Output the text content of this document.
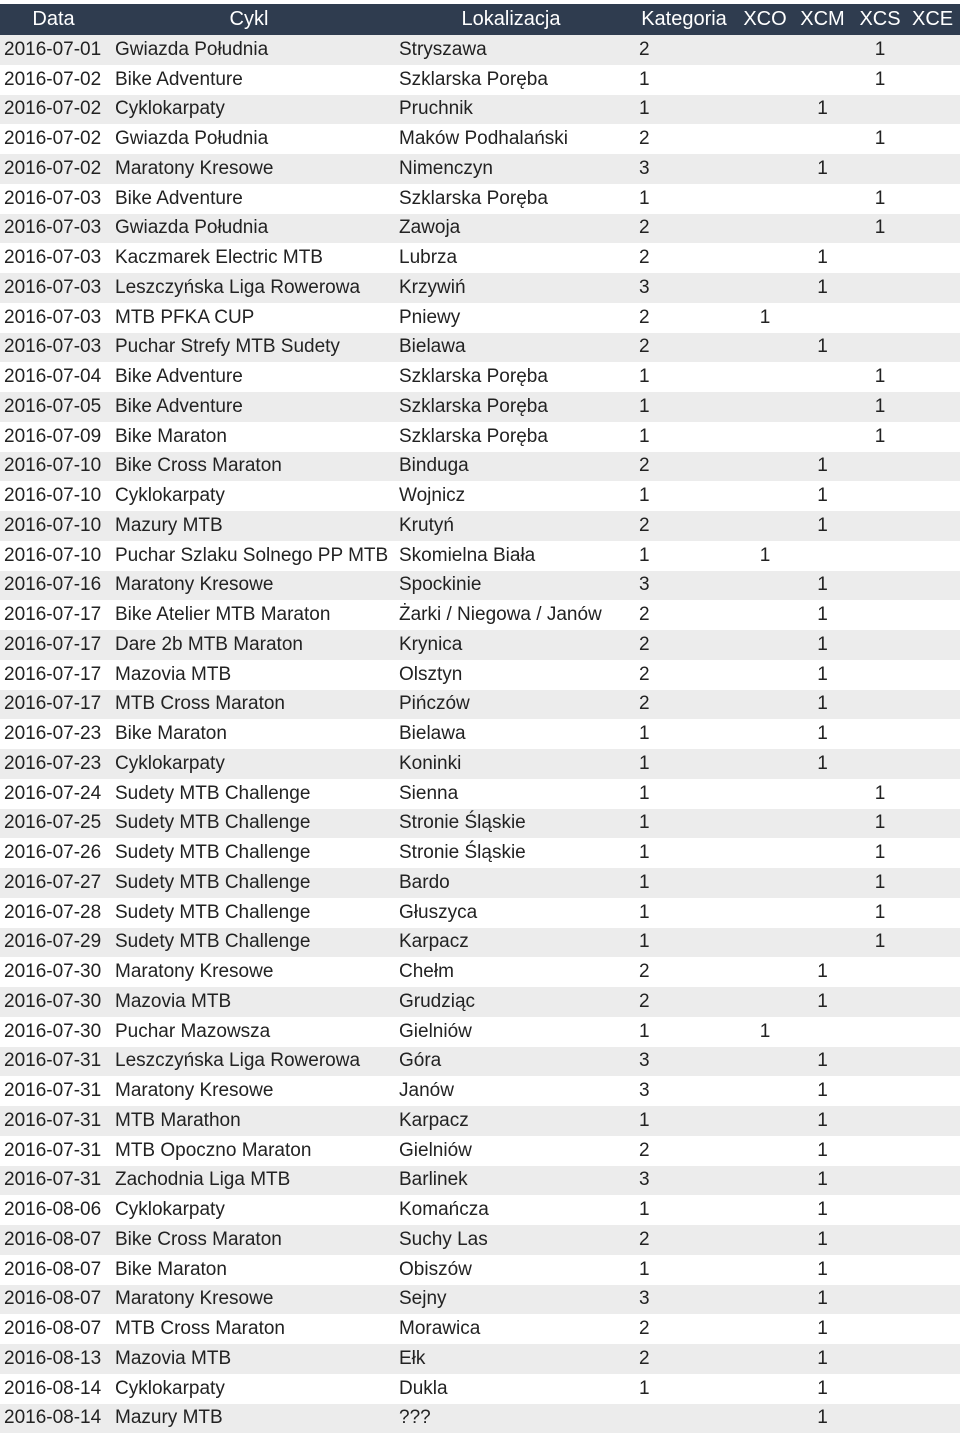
Data	Cykl	Lokalizacja	Kategoria	XCO	XCM	XCS	XCE
2016-07-01	Gwiazda Południa	Stryszawa	2			1	
2016-07-02	Bike Adventure	Szklarska Poręba	1			1	
2016-07-02	Cyklokarpaty	Pruchnik	1		1		
2016-07-02	Gwiazda Południa	Maków Podhalański	2			1	
2016-07-02	Maratony Kresowe	Nimenczyn	3		1		
2016-07-03	Bike Adventure	Szklarska Poręba	1			1	
2016-07-03	Gwiazda Południa	Zawoja	2			1	
2016-07-03	Kaczmarek Electric MTB	Lubrza	2		1		
2016-07-03	Leszczyńska Liga Rowerowa	Krzywiń	3		1		
2016-07-03	MTB PFKA CUP	Pniewy	2	1			
2016-07-03	Puchar Strefy MTB Sudety	Bielawa	2		1		
2016-07-04	Bike Adventure	Szklarska Poręba	1			1	
2016-07-05	Bike Adventure	Szklarska Poręba	1			1	
2016-07-09	Bike Maraton	Szklarska Poręba	1			1	
2016-07-10	Bike Cross Maraton	Binduga	2		1		
2016-07-10	Cyklokarpaty	Wojnicz	1		1		
2016-07-10	Mazury MTB	Krutyń	2		1		
2016-07-10	Puchar Szlaku Solnego PP MTB	Skomielna Biała	1	1			
2016-07-16	Maratony Kresowe	Spockinie	3		1		
2016-07-17	Bike Atelier MTB Maraton	Żarki / Niegowa / Janów	2		1		
2016-07-17	Dare 2b MTB Maraton	Krynica	2		1		
2016-07-17	Mazovia MTB	Olsztyn	2		1		
2016-07-17	MTB Cross Maraton	Pińczów	2		1		
2016-07-23	Bike Maraton	Bielawa	1		1		
2016-07-23	Cyklokarpaty	Koninki	1		1		
2016-07-24	Sudety MTB Challenge	Sienna	1			1	
2016-07-25	Sudety MTB Challenge	Stronie Śląskie	1			1	
2016-07-26	Sudety MTB Challenge	Stronie Śląskie	1			1	
2016-07-27	Sudety MTB Challenge	Bardo	1			1	
2016-07-28	Sudety MTB Challenge	Głuszyca	1			1	
2016-07-29	Sudety MTB Challenge	Karpacz	1			1	
2016-07-30	Maratony Kresowe	Chełm	2		1		
2016-07-30	Mazovia MTB	Grudziąc	2		1		
2016-07-30	Puchar Mazowsza	Gielniów	1	1			
2016-07-31	Leszczyńska Liga Rowerowa	Góra	3		1		
2016-07-31	Maratony Kresowe	Janów	3		1		
2016-07-31	MTB Marathon	Karpacz	1		1		
2016-07-31	MTB Opoczno Maraton	Gielniów	2		1		
2016-07-31	Zachodnia Liga MTB	Barlinek	3		1		
2016-08-06	Cyklokarpaty	Komańcza	1		1		
2016-08-07	Bike Cross Maraton	Suchy Las	2		1		
2016-08-07	Bike Maraton	Obiszów	1		1		
2016-08-07	Maratony Kresowe	Sejny	3		1		
2016-08-07	MTB Cross Maraton	Morawica	2		1		
2016-08-13	Mazovia MTB	Ełk	2		1		
2016-08-14	Cyklokarpaty	Dukla	1		1		
2016-08-14	Mazury MTB	???			1		
